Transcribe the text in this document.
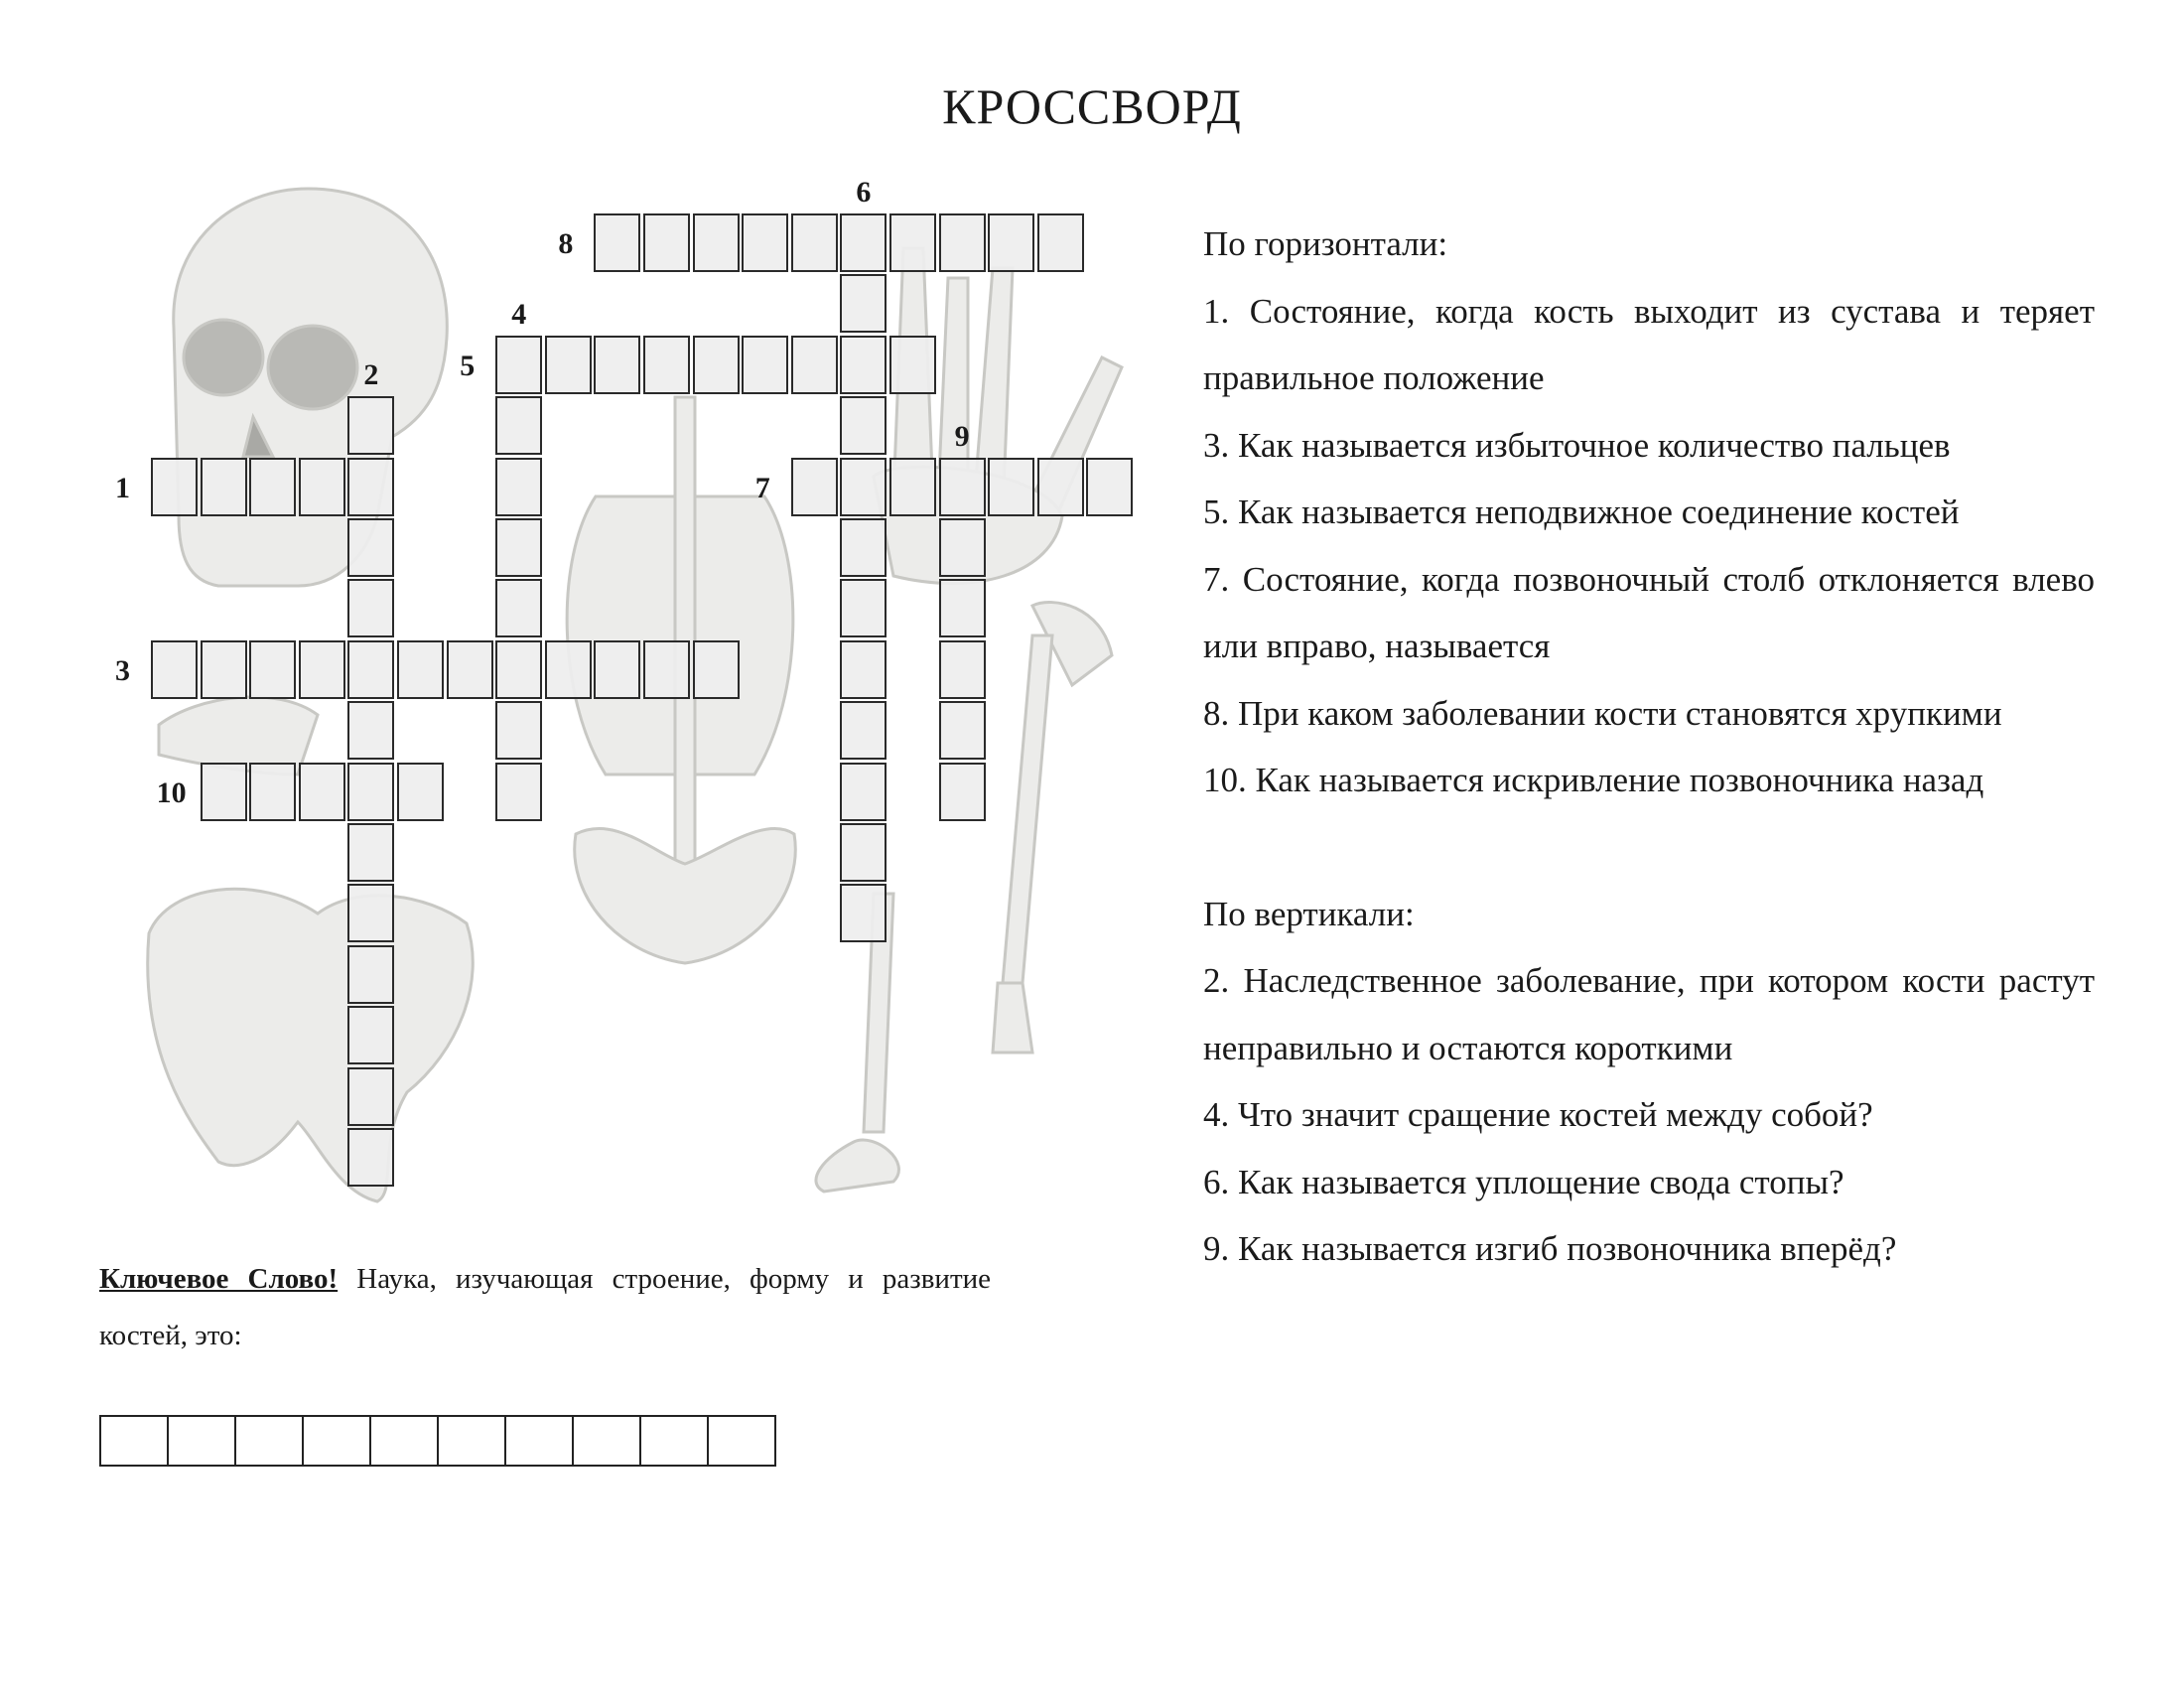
КРОССВОРД
1
2
3
4
5
6
7
8
9
10
По горизонтали:
1. Состояние, когда кость выходит из сустава и теряет правильное положение
3. Как называется избыточное количество пальцев
5. Как называется неподвижное соединение костей
7. Состояние, когда позвоночный столб отклоняется влево или вправо, называется
8. При каком заболевании кости становятся хрупкими
10. Как называется искривление позвоночника назад
По вертикали:
2. Наследственное заболевание, при котором кости растут неправильно и остаются короткими
4. Что значит сращение костей между собой?
6. Как называется уплощение свода стопы?
9. Как называется изгиб позвоночника вперёд?
Ключевое Слово! Наука, изучающая строение, форму и развитие костей, это:
